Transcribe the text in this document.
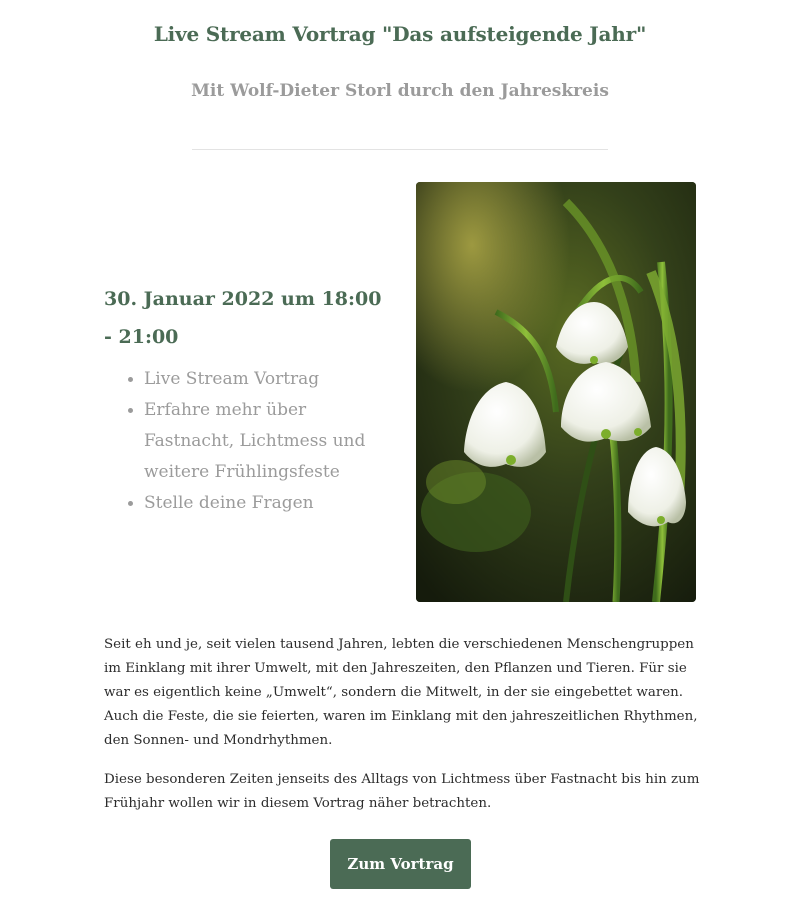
Live Stream Vortrag "Das aufsteigende Jahr"
Mit Wolf-Dieter Storl durch den Jahreskreis
30. Januar 2022 um 18:00 - 21:00
• Live Stream Vortrag
• Erfahre mehr über Fastnacht, Lichtmess und weitere Frühlingsfeste
• Stelle deine Fragen

Seit eh und je, seit vielen tausend Jahren, lebten die verschiedenen Menschengruppen im Einklang mit ihrer Umwelt, mit den Jahreszeiten, den Pflanzen und Tieren. Für sie war es eigentlich keine „Umwelt“, sondern die Mitwelt, in der sie eingebettet waren. Auch die Feste, die sie feierten, waren im Einklang mit den jahreszeitlichen Rhythmen, den Sonnen- und Mondrhythmen.

Diese besonderen Zeiten jenseits des Alltags von Lichtmess über Fastnacht bis hin zum Frühjahr wollen wir in diesem Vortrag näher betrachten.

Zum Vortrag
